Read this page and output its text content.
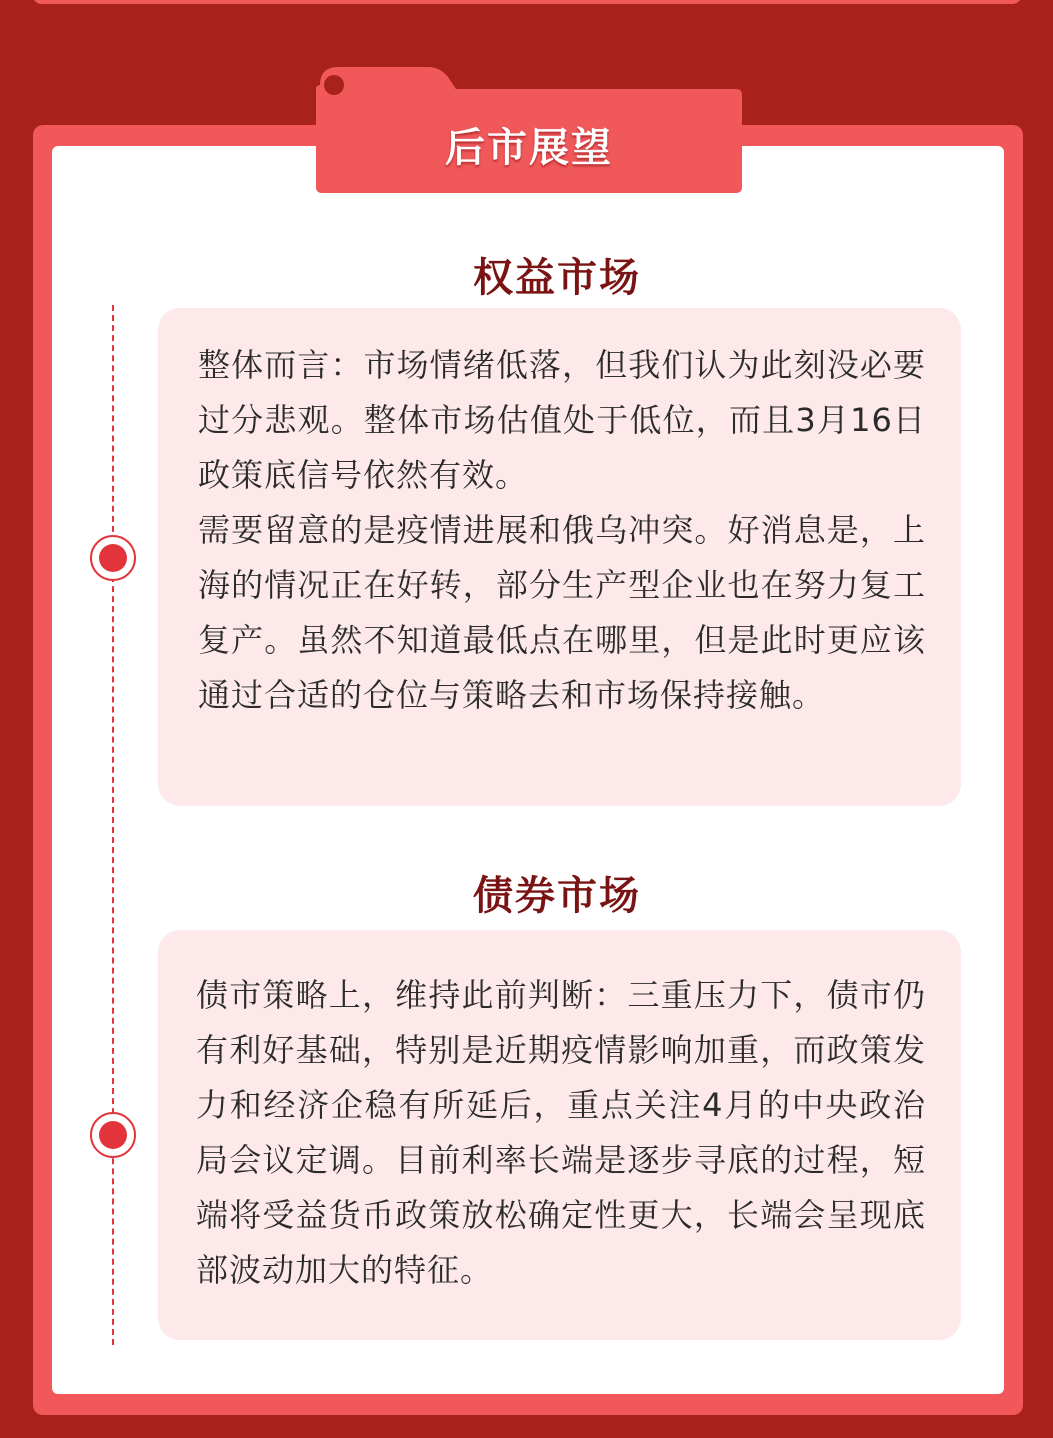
后市展望
权益市场

整体而言：市场情绪低落，但我们认为此刻没必要过分悲观。整体市场估值处于低位，而且3月16日政策底信号依然有效。

需要留意的是疫情进展和俄乌冲突。好消息是，上海的情况正在好转，部分生产型企业也在努力复工复产。虽然不知道最低点在哪里，但是此时更应该通过合适的仓位与策略去和市场保持接触。

债券市场

债市策略上，维持此前判断：三重压力下，债市仍有利好基础，特别是近期疫情影响加重，而政策发力和经济企稳有所延后，重点关注4月的中央政治局会议定调。目前利率长端是逐步寻底的过程，短端将受益货币政策放松确定性更大，长端会呈现底部波动加大的特征。
